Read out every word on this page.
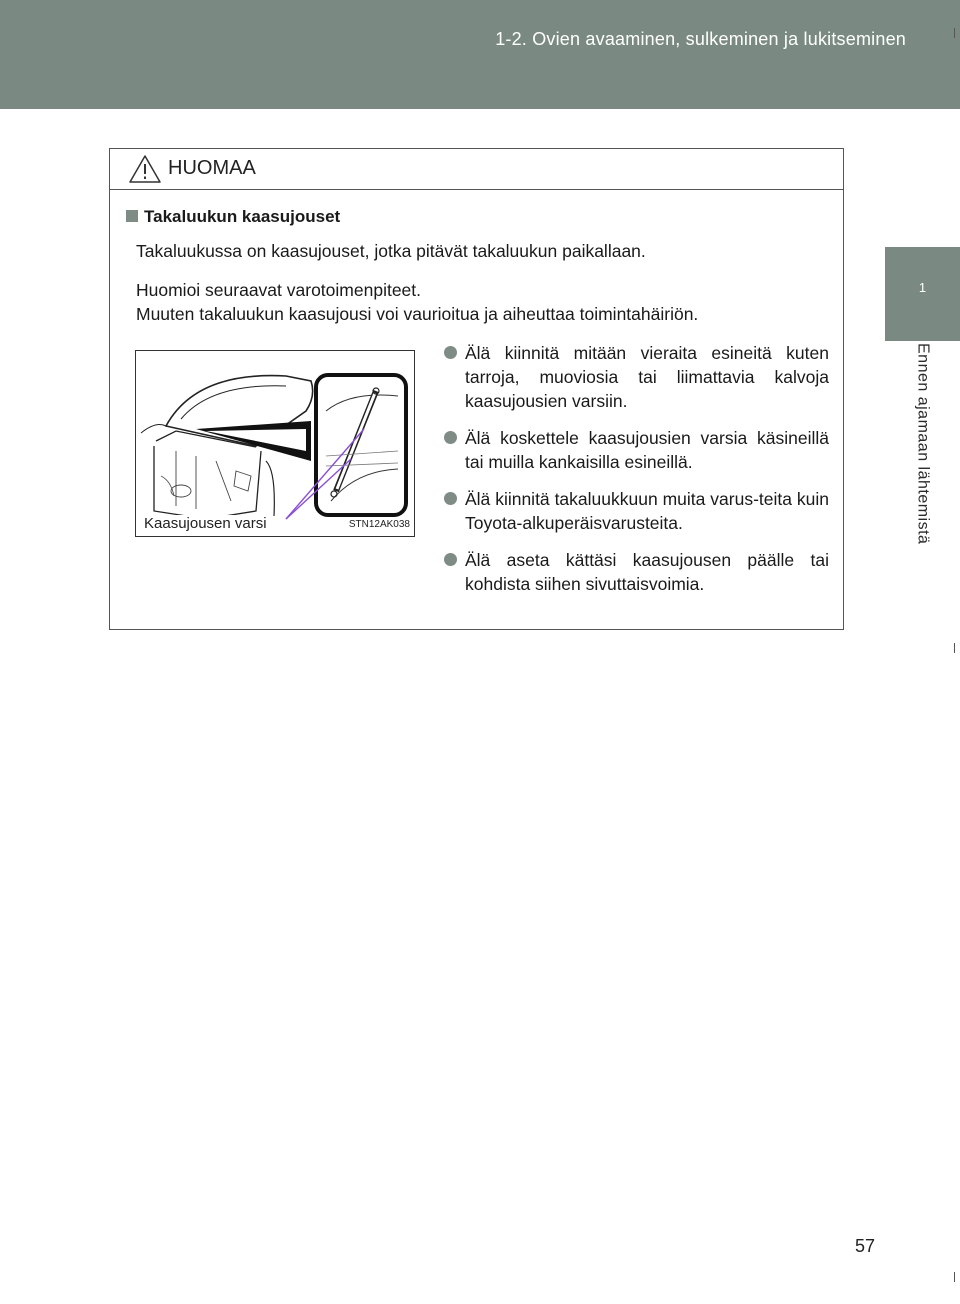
1-2. Ovien avaaminen, sulkeminen ja lukitseminen
1
Ennen ajamaan lähtemistä
HUOMAA
Takaluukun kaasujouset
Takaluukussa on kaasujouset, jotka pitävät takaluukun paikallaan.
Huomioi seuraavat varotoimenpiteet.
Muuten takaluukun kaasujousi voi vaurioitua ja aiheuttaa toimintahäiriön.
Kaasujousen varsi	STN12AK038
Älä kiinnitä mitään vieraita esineitä kuten tarroja, muoviosia tai liimattavia kalvoja kaasujousien varsiin.
Älä koskettele kaasujousien varsia käsineillä tai muilla kankaisilla esineillä.
Älä kiinnitä takaluukkuun muita varus-teita kuin Toyota-alkuperäisvarusteita.
Älä aseta kättäsi kaasujousen päälle tai kohdista siihen sivuttaisvoimia.
57
